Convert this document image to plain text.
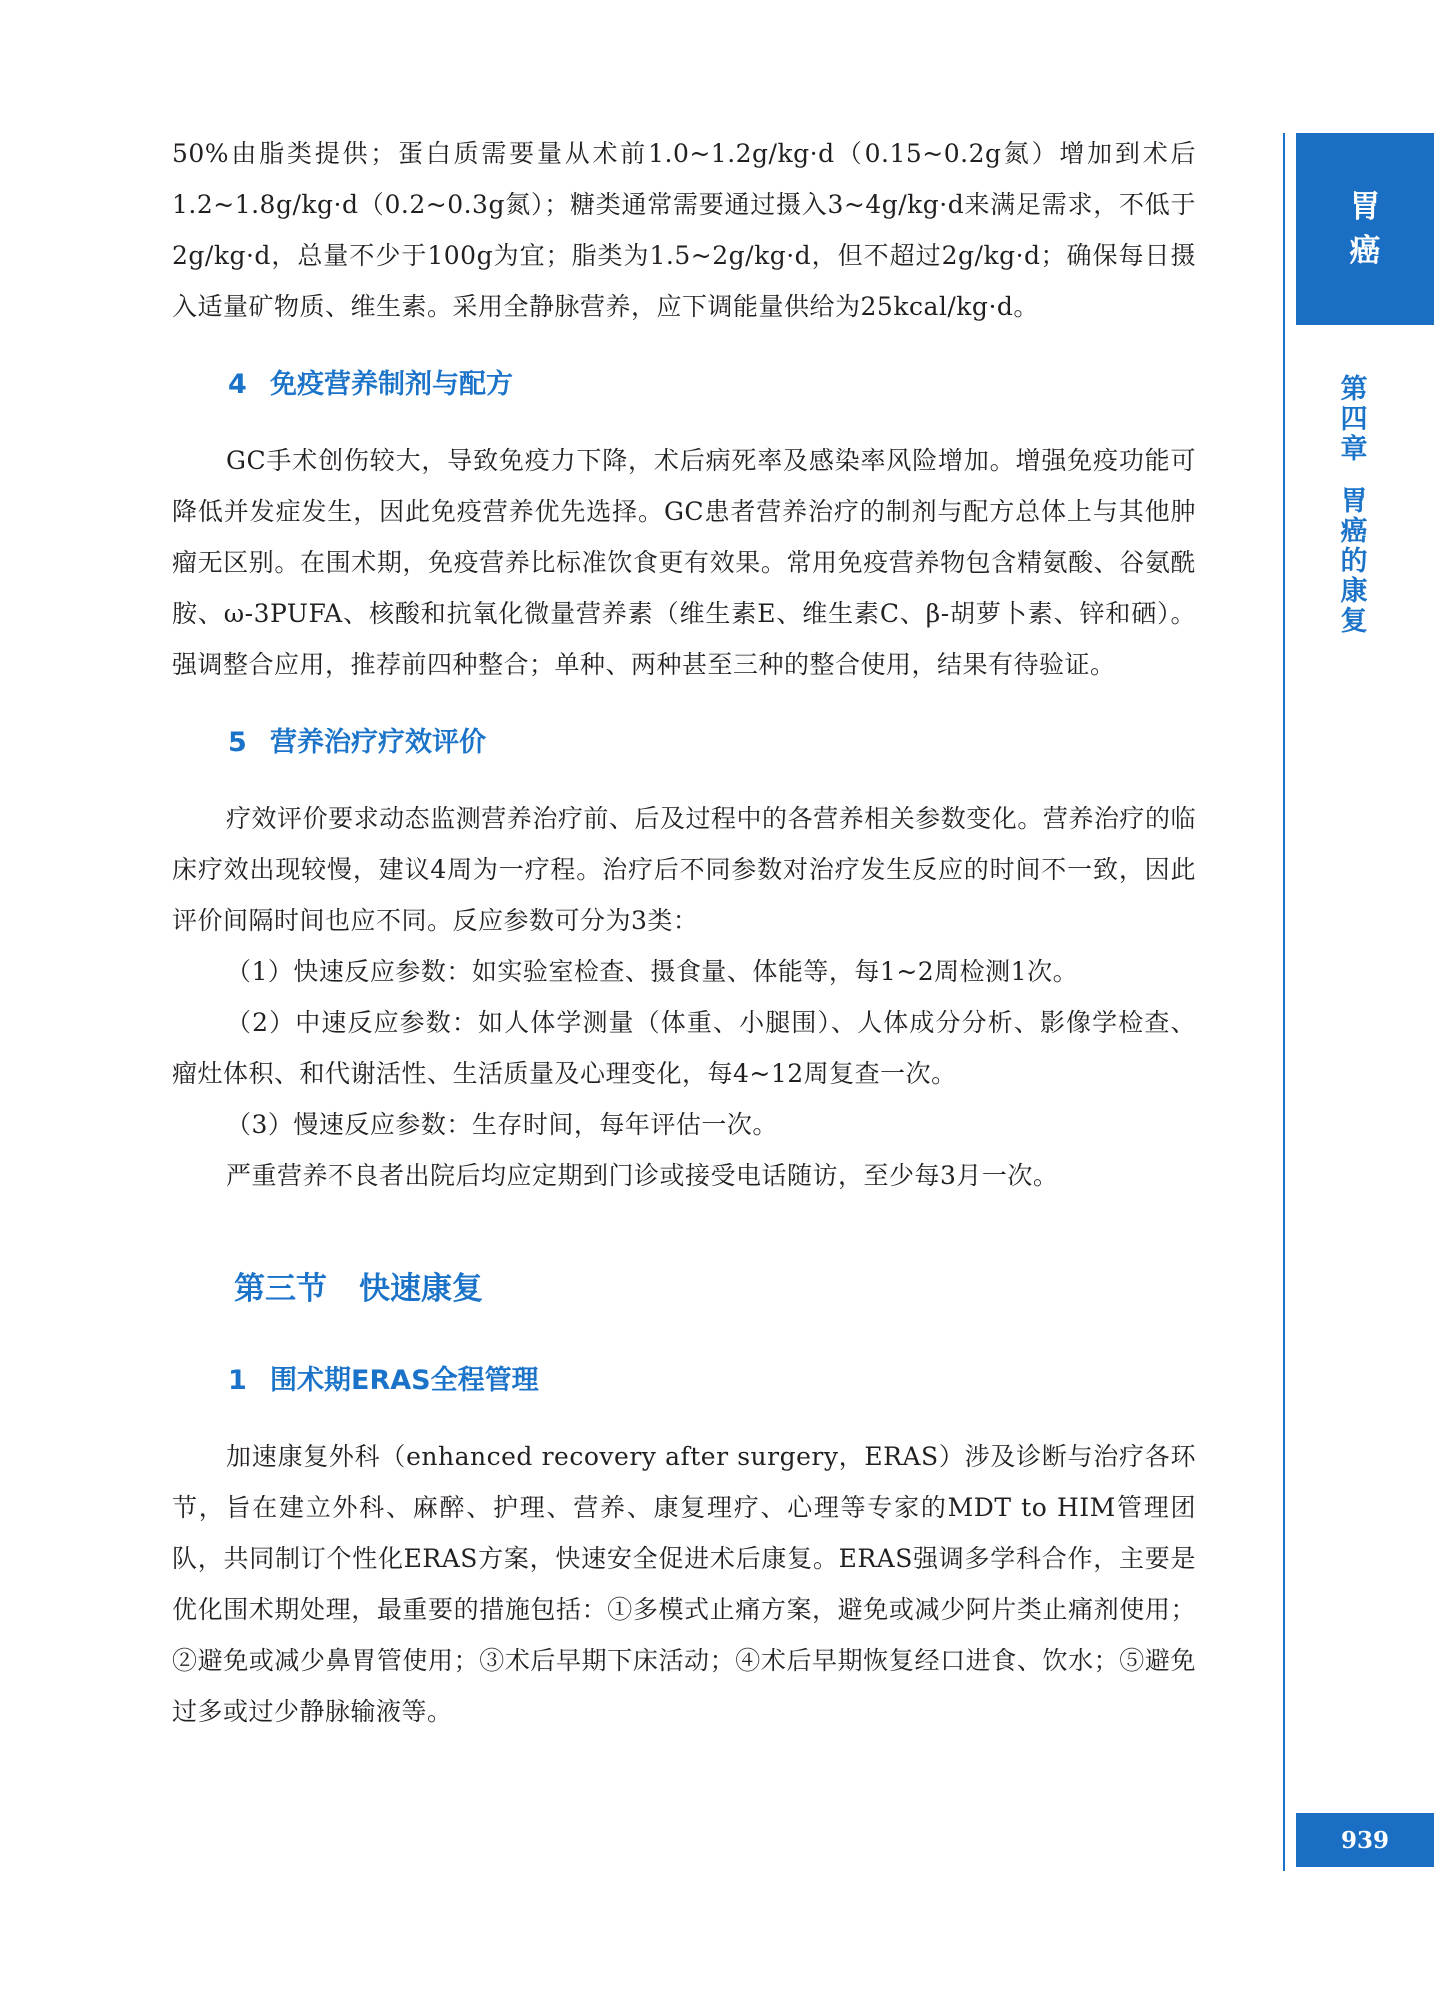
胃
癌
第
四
章
胃
癌
的
康
复
939

50%由脂类提供；蛋白质需要量从术前1.0~1.2g/kg·d（0.15~0.2g氮）增加到术后1.2~1.8g/kg·d（0.2~0.3g氮）；糖类通常需要通过摄入3~4g/kg·d来满足需求，不低于2g/kg·d，总量不少于100g为宜；脂类为1.5~2g/kg·d，但不超过2g/kg·d；确保每日摄入适量矿物质、维生素。采用全静脉营养，应下调能量供给为25kcal/kg·d。

4 免疫营养制剂与配方

GC手术创伤较大，导致免疫力下降，术后病死率及感染率风险增加。增强免疫功能可降低并发症发生，因此免疫营养优先选择。GC患者营养治疗的制剂与配方总体上与其他肿瘤无区别。在围术期，免疫营养比标准饮食更有效果。常用免疫营养物包含精氨酸、谷氨酰胺、ω-3PUFA、核酸和抗氧化微量营养素（维生素E、维生素C、β-胡萝卜素、锌和硒）。强调整合应用，推荐前四种整合；单种、两种甚至三种的整合使用，结果有待验证。

5 营养治疗疗效评价

疗效评价要求动态监测营养治疗前、后及过程中的各营养相关参数变化。营养治疗的临床疗效出现较慢，建议4周为一疗程。治疗后不同参数对治疗发生反应的时间不一致，因此评价间隔时间也应不同。反应参数可分为3类：

（1）快速反应参数：如实验室检查、摄食量、体能等，每1~2周检测1次。

（2）中速反应参数：如人体学测量（体重、小腿围）、人体成分分析、影像学检查、瘤灶体积、和代谢活性、生活质量及心理变化，每4~12周复查一次。

（3）慢速反应参数：生存时间，每年评估一次。

严重营养不良者出院后均应定期到门诊或接受电话随访，至少每3月一次。

第三节 快速康复
1 围术期ERAS全程管理

加速康复外科（enhanced recovery after surgery，ERAS）涉及诊断与治疗各环节，旨在建立外科、麻醉、护理、营养、康复理疗、心理等专家的MDT to HIM管理团队，共同制订个性化ERAS方案，快速安全促进术后康复。ERAS强调多学科合作，主要是优化围术期处理，最重要的措施包括：①多模式止痛方案，避免或减少阿片类止痛剂使用；②避免或减少鼻胃管使用；③术后早期下床活动；④术后早期恢复经口进食、饮水；⑤避免过多或过少静脉输液等。
